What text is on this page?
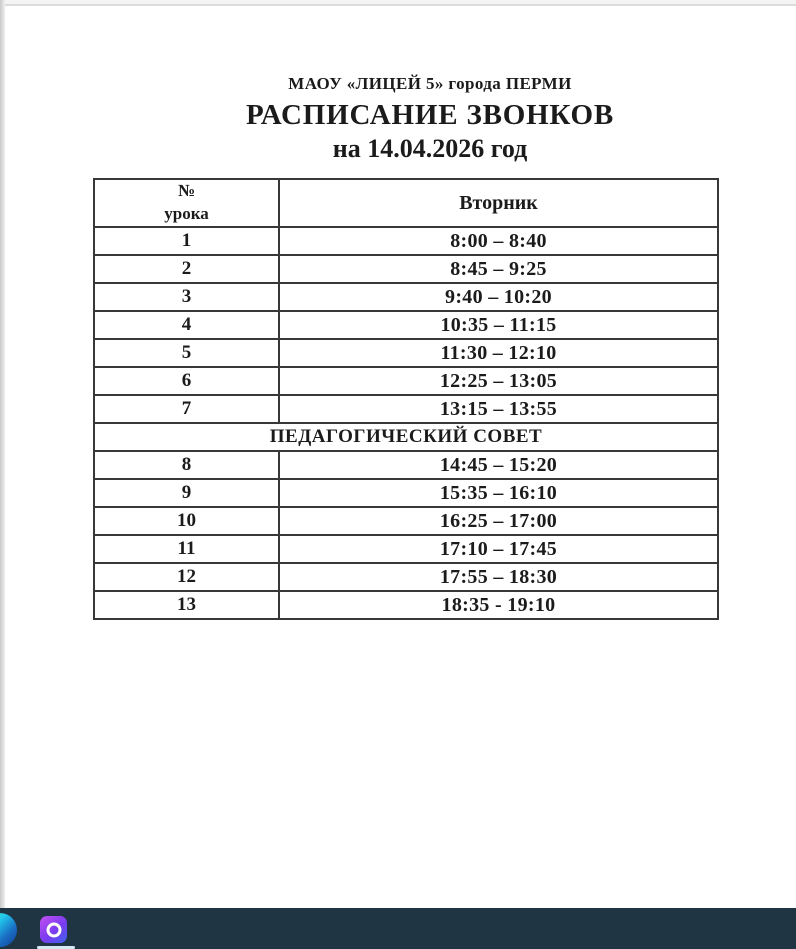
МАОУ «ЛИЦЕЙ 5» города ПЕРМИ
РАСПИСАНИЕ ЗВОНКОВ
на 14.04.2026 год
№
урока	Вторник
1	8:00 – 8:40
2	8:45 – 9:25
3	9:40 – 10:20
4	10:35 – 11:15
5	11:30 – 12:10
6	12:25 – 13:05
7	13:15 – 13:55
ПЕДАГОГИЧЕСКИЙ СОВЕТ	
8	14:45 – 15:20
9	15:35 – 16:10
10	16:25 – 17:00
11	17:10 – 17:45
12	17:55 – 18:30
13	18:35 - 19:10
